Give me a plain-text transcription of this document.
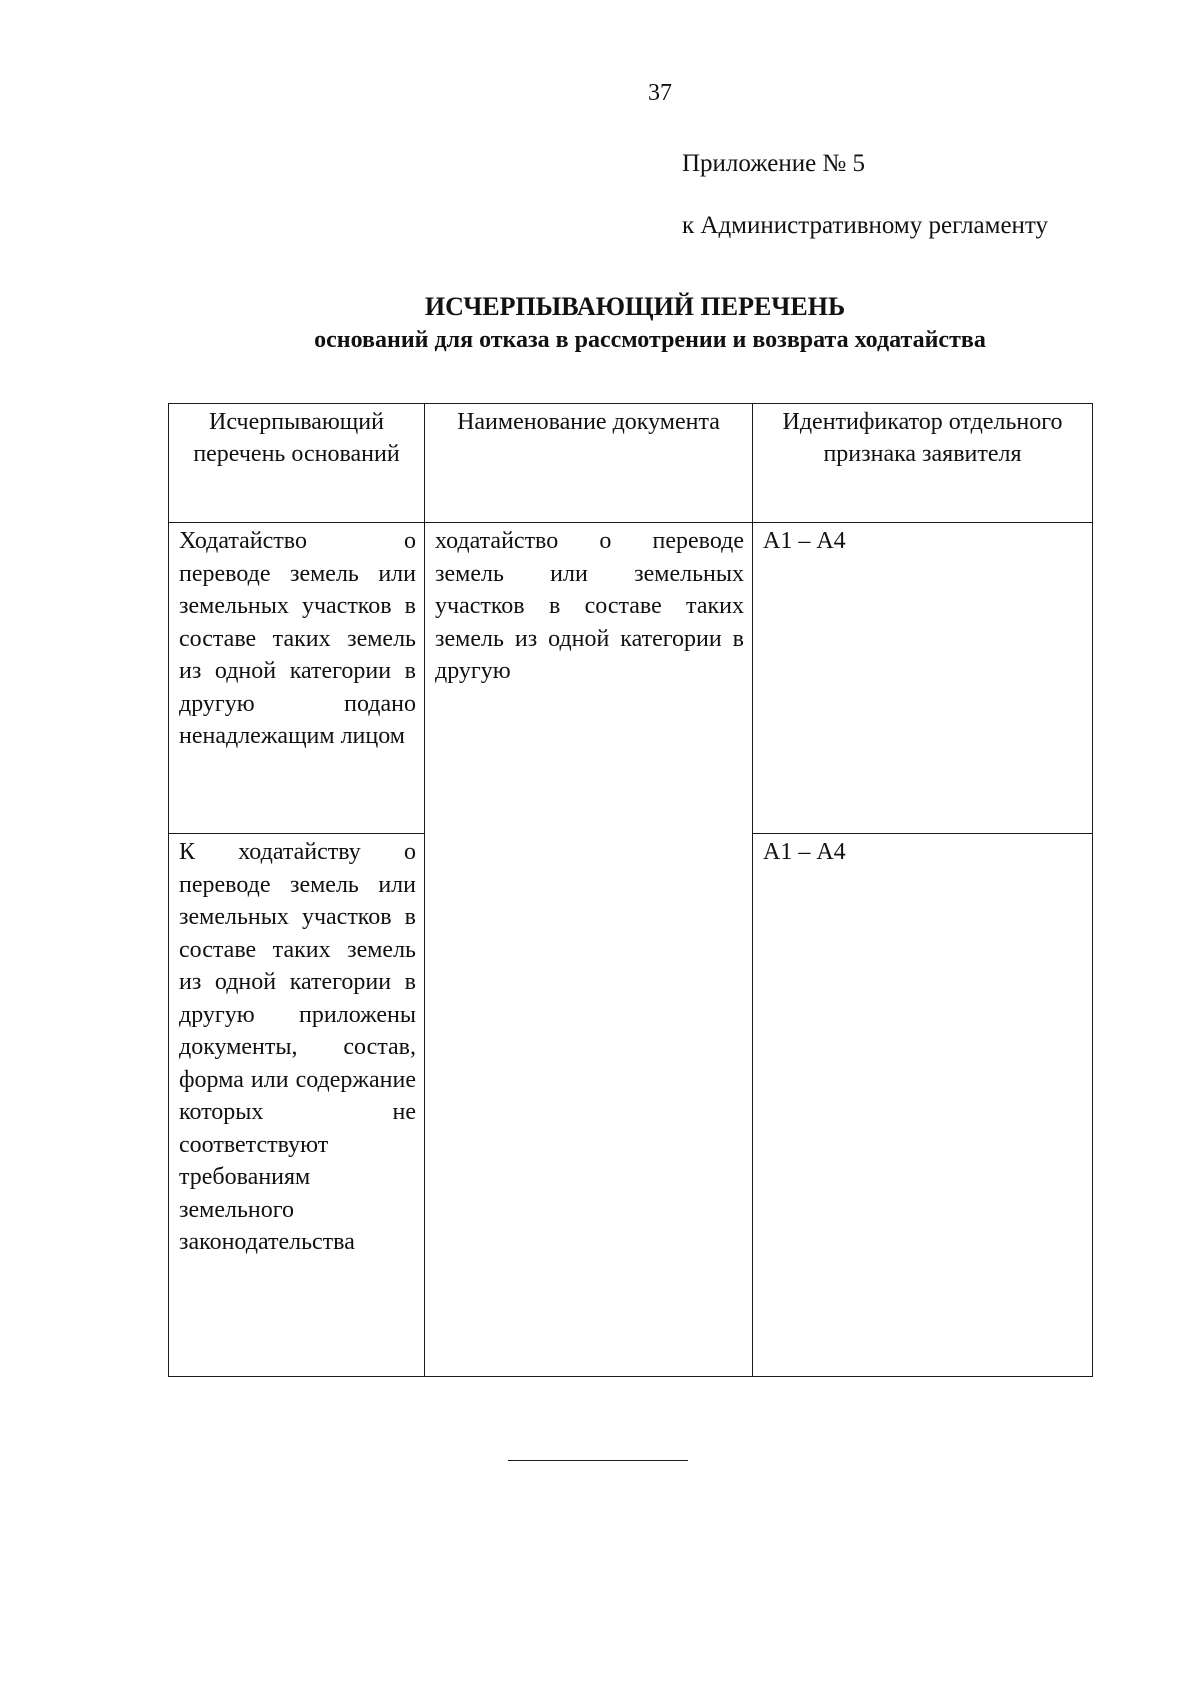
37
Приложение № 5
к Административному регламенту
ИСЧЕРПЫВАЮЩИЙ ПЕРЕЧЕНЬ
оснований для отказа в рассмотрении и возврата ходатайства
Исчерпывающий перечень оснований	Наименование документа	Идентификатор отдельного признака заявителя
Ходатайство о переводе земель или земельных участков в составе таких земель из одной категории в другую подано ненадлежащим лицом	ходатайство о переводе земель или земельных участков в составе таких земель из одной категории в другую	А1 – А4
К ходатайству о переводе земель или земельных участков в составе таких земель из одной категории в другую приложены документы, состав, форма или содержание которых не соответствуют требованиям земельного законодательства		А1 – А4
